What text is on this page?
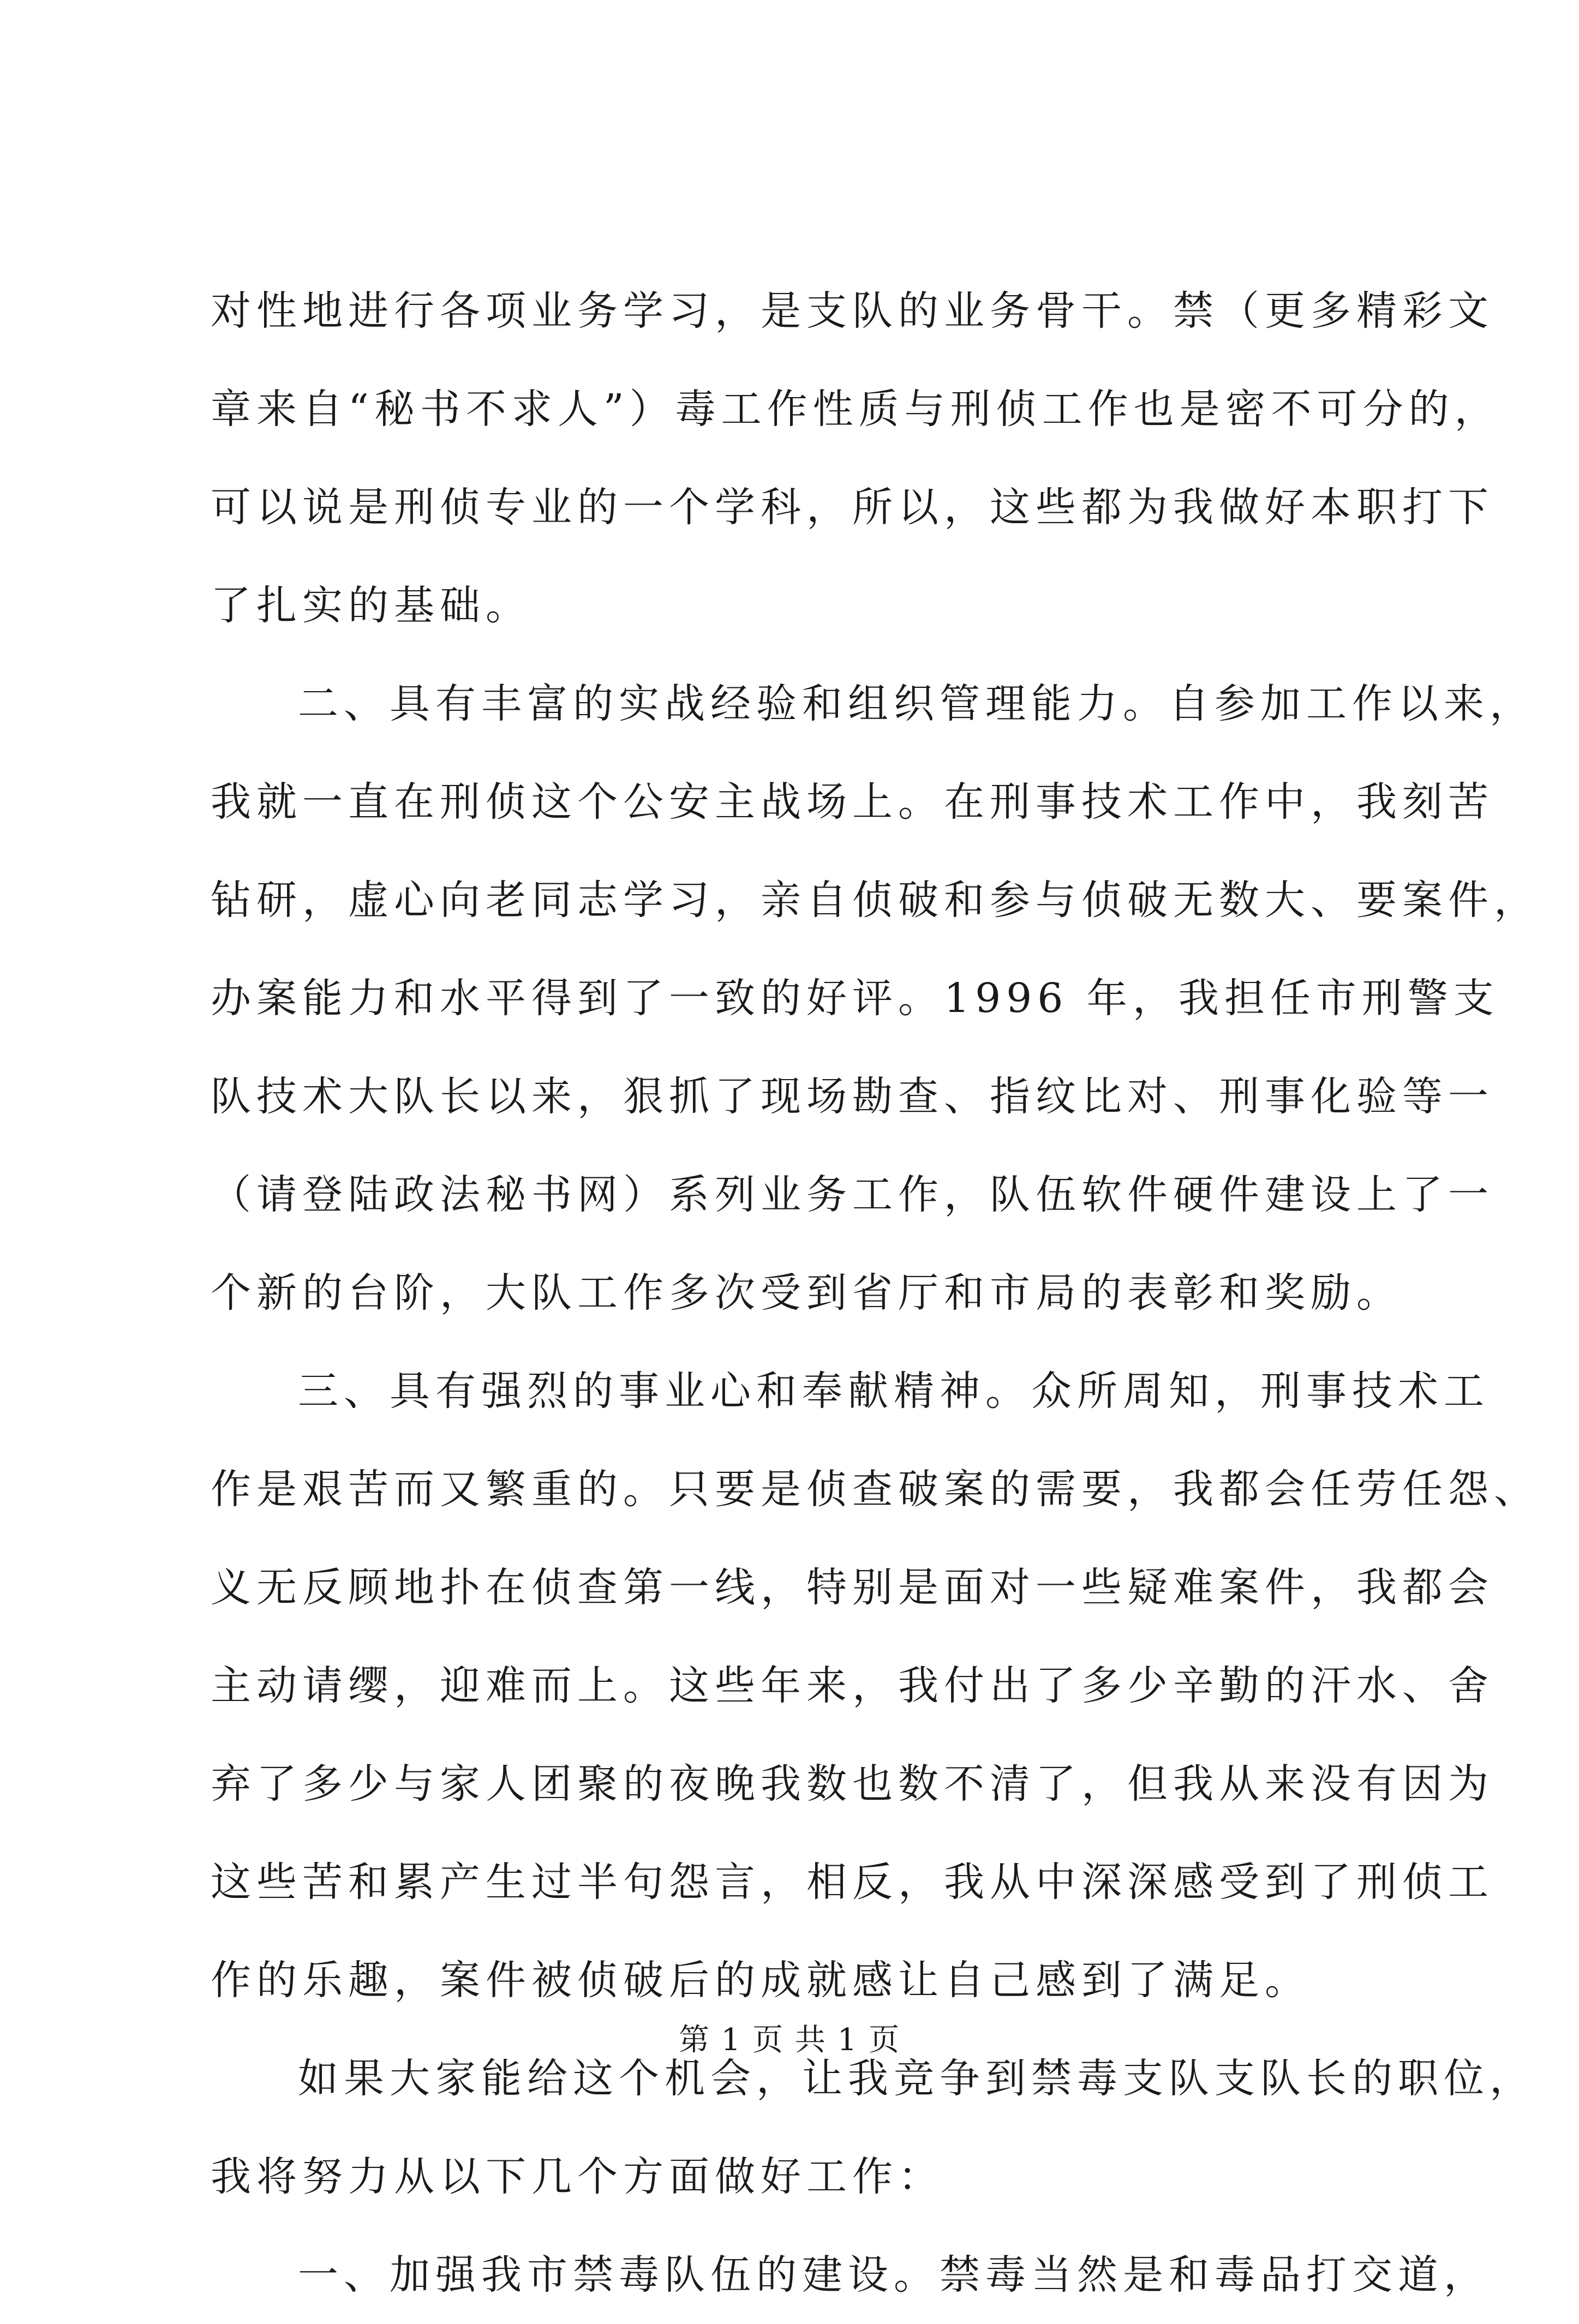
对性地进行各项业务学习，是支队的业务骨干。禁（更多精彩文
章来自“秘书不求人”）毒工作性质与刑侦工作也是密不可分的，
可以说是刑侦专业的一个学科，所以，这些都为我做好本职打下
了扎实的基础。
二、具有丰富的实战经验和组织管理能力。自参加工作以来，
我就一直在刑侦这个公安主战场上。在刑事技术工作中，我刻苦
钻研，虚心向老同志学习，亲自侦破和参与侦破无数大、要案件，
办案能力和水平得到了一致的好评。1996 年，我担任市刑警支
队技术大队长以来，狠抓了现场勘查、指纹比对、刑事化验等一
（请登陆政法秘书网）系列业务工作，队伍软件硬件建设上了一
个新的台阶，大队工作多次受到省厅和市局的表彰和奖励。
三、具有强烈的事业心和奉献精神。众所周知，刑事技术工
作是艰苦而又繁重的。只要是侦查破案的需要，我都会任劳任怨、
义无反顾地扑在侦查第一线，特别是面对一些疑难案件，我都会
主动请缨，迎难而上。这些年来，我付出了多少辛勤的汗水、舍
弃了多少与家人团聚的夜晚我数也数不清了，但我从来没有因为
这些苦和累产生过半句怨言，相反，我从中深深感受到了刑侦工
作的乐趣，案件被侦破后的成就感让自己感到了满足。
如果大家能给这个机会，让我竞争到禁毒支队支队长的职位，
我将努力从以下几个方面做好工作：
一、加强我市禁毒队伍的建设。禁毒当然是和毒品打交道，
第 1 页 共 1 页
